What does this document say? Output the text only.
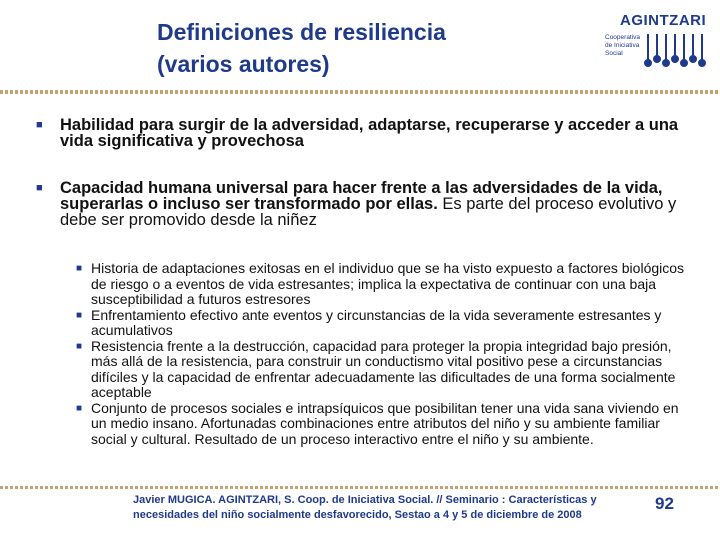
Definiciones de resiliencia
(varios autores)
AGINTZARI
Cooperativa
de Iniciativa
Social
■ Habilidad para surgir de la adversidad, adaptarse, recuperarse y acceder a una vida significativa y provechosa
■ Capacidad humana universal para hacer frente a las adversidades de la vida, superarlas o incluso ser transformado por ellas. Es parte del proceso evolutivo y debe ser promovido desde la niñez
■ Historia de adaptaciones exitosas en el individuo que se ha visto expuesto a factores biológicos de riesgo o a eventos de vida estresantes; implica la expectativa de continuar con una baja susceptibilidad a futuros estresores
■ Enfrentamiento efectivo ante eventos y circunstancias de la vida severamente estresantes y acumulativos
■ Resistencia frente a la destrucción, capacidad para proteger la propia integridad bajo presión, más allá de la resistencia, para construir un conductismo vital positivo pese a circunstancias difíciles y la capacidad de enfrentar adecuadamente las dificultades de una forma socialmente aceptable
■ Conjunto de procesos sociales e intrapsíquicos que posibilitan tener una vida sana viviendo en un medio insano. Afortunadas combinaciones entre atributos del niño y su ambiente familiar social y cultural. Resultado de un proceso interactivo entre el niño y su ambiente.
Javier MUGICA. AGINTZARI, S. Coop. de Iniciativa Social. // Seminario : Características y necesidades del niño socialmente desfavorecido, Sestao a 4 y 5 de diciembre de 2008
92
